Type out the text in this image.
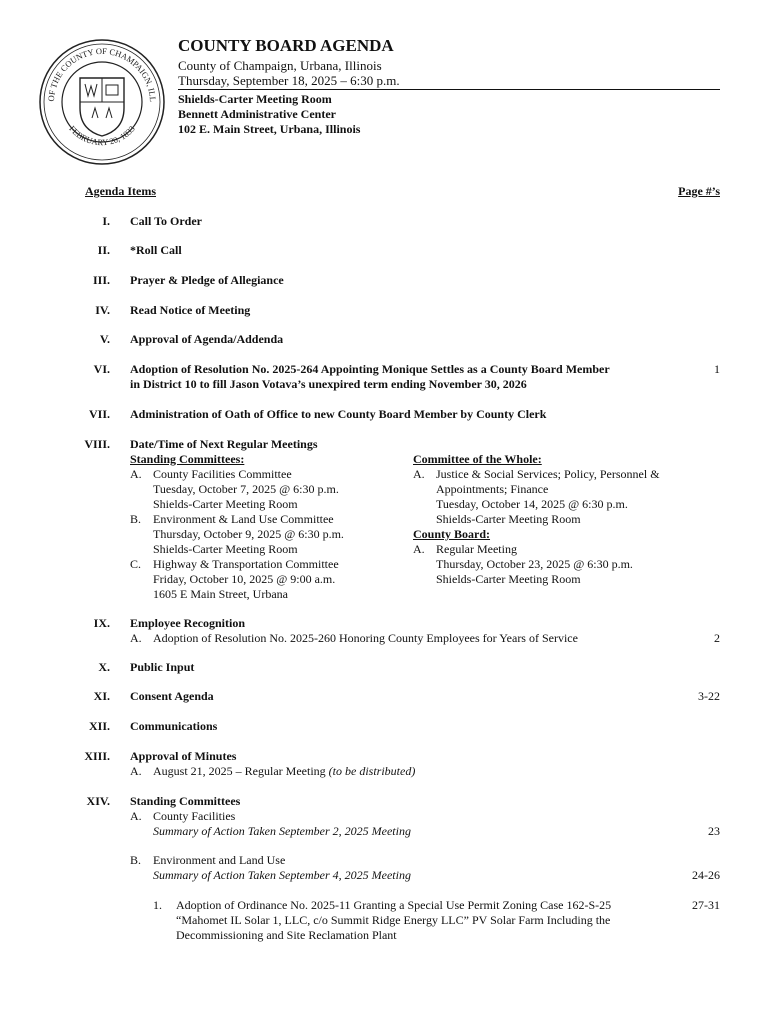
OF THE COUNTY OF CHAMPAIGN, ILL
FEBRUARY 20, 1833
COUNTY BOARD AGENDA
County of Champaign, Urbana, Illinois
Thursday, September 18, 2025 – 6:30 p.m.
Shields-Carter Meeting Room
Bennett Administrative Center
102 E. Main Street, Urbana, Illinois
Agenda Items	Page #’s
I. Call To Order
II. *Roll Call
III. Prayer & Pledge of Allegiance
IV. Read Notice of Meeting
V. Approval of Agenda/Addenda
VI. Adoption of Resolution No. 2025-264 Appointing Monique Settles as a County Board Member
in District 10 to fill Jason Votava’s unexpired term ending November 30, 2026
1
VII. Administration of Oath of Office to new County Board Member by County Clerk
VIII. Date/Time of Next Regular Meetings
Standing Committees:
A. County Facilities Committee
Tuesday, October 7, 2025 @ 6:30 p.m.
Shields-Carter Meeting Room
B. Environment & Land Use Committee
Thursday, October 9, 2025 @ 6:30 p.m.
Shields-Carter Meeting Room
C. Highway & Transportation Committee
Friday, October 10, 2025 @ 9:00 a.m.
1605 E Main Street, Urbana
Committee of the Whole:
A. Justice & Social Services; Policy, Personnel &
Appointments; Finance
Tuesday, October 14, 2025 @ 6:30 p.m.
Shields-Carter Meeting Room
County Board:
A. Regular Meeting
Thursday, October 23, 2025 @ 6:30 p.m.
Shields-Carter Meeting Room
IX. Employee Recognition
A. Adoption of Resolution No. 2025-260 Honoring County Employees for Years of Service	2
X. Public Input
XI. Consent Agenda	3-22
XII. Communications
XIII. Approval of Minutes
A. August 21, 2025 – Regular Meeting (to be distributed)
XIV. Standing Committees
A. County Facilities
Summary of Action Taken September 2, 2025 Meeting	23
B. Environment and Land Use
Summary of Action Taken September 4, 2025 Meeting	24-26
1. Adoption of Ordinance No. 2025-11 Granting a Special Use Permit Zoning Case 162-S-25
“Mahomet IL Solar 1, LLC, c/o Summit Ridge Energy LLC” PV Solar Farm Including the
Decommissioning and Site Reclamation Plant
27-31
